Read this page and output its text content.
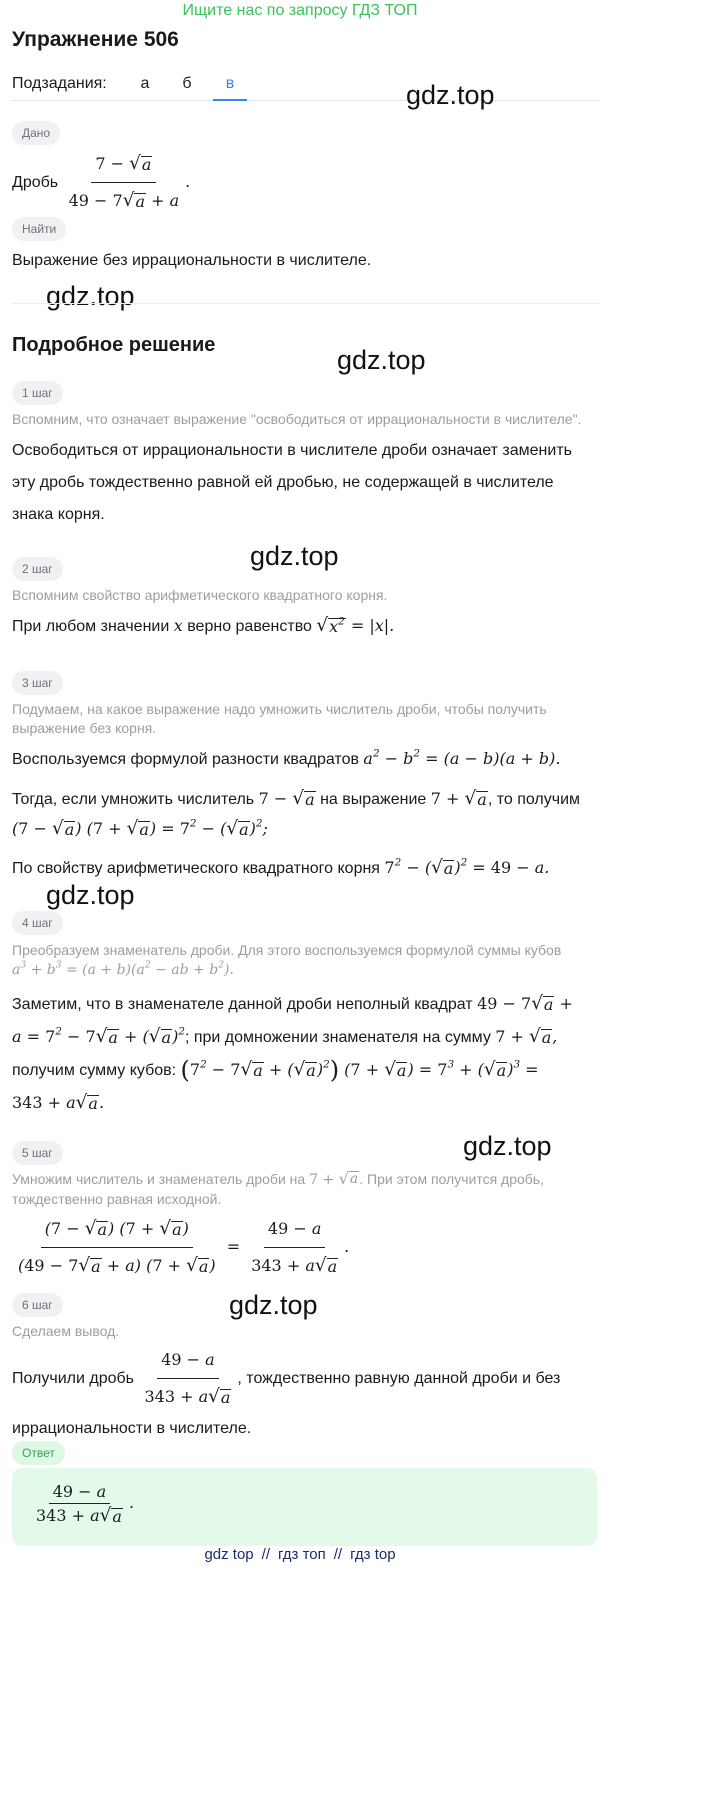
Ищите нас по запросу ГДЗ ТОП
Упражнение 506
Подзадания:	а	б	в	gdz.top
gdz.top
gdz.top
gdz.top
gdz.top
gdz.top
gdz.top
Дано
Дробь $\frac{7 - √ a}{49 - 7 √ a + a}$ .
Найти
Выражение без иррациональности в числителе.
Подробное решение
1 шаг
Вспомним, что означает выражение "освободиться от иррациональности в числителе".
Освободиться от иррациональности в числителе дроби означает заменить эту дробь тождественно равной ей дробью, не содержащей в числителе знака корня.
2 шаг
Вспомним свойство арифметического квадратного корня.
При любом значении x верно равенство √ $x^2 = |x|$.
3 шаг
Подумаем, на какое выражение надо умножить числитель дроби, чтобы получить выражение без корня.
Воспользуемся формулой разности квадратов $a^2 - b^2 = (a - b)(a + b)$.
Тогда, если умножить числитель 7 − √ a на выражение 7 + √ a , то получим
(7 − √ a ) (7 + √ a ) = $7^2$ − ( √ a )$^2$;
По свойству арифметического квадратного корня $7^2$ − ( √ a )$^2$ = 49 − a.
4 шаг
Преобразуем знаменатель дроби. Для этого воспользуемся формулой суммы кубов
$a^3 + b^3 = (a + b)(a^2$ − ab + $b^2$).
Заметим, что в знаменателе данной дроби неполный квадрат 49 − 7 √ a +
$a = 7^2 - 7$ √ a + ( √ a )$^2$; при домножении знаменателя на сумму 7 + √ a ,
получим сумму кубов: ($7^2 - 7$ √ a + ( √ a )$^2$) (7 + √ a ) = $7^3$ + ( √ a )$^3$ =
343 + a √ a .
5 шаг
Умножим числитель и знаменатель дроби на 7 + √ a . При этом получится дробь, тождественно равная исходной.
$\frac{(7 - √ a ) (7 + √ a )}{(49 - 7 √ a + a) (7 + √ a )} = \frac{49 - a}{343 + a √ a}$ .
6 шаг
Сделаем вывод.
Получили дробь $\frac{49 - a}{343 + a √ a}$ , тождественно равную данной дроби и без иррациональности в числителе.
Ответ
$\frac{49 - a}{343 + a √ a}$ .
gdz top // гдз топ // гдз top
